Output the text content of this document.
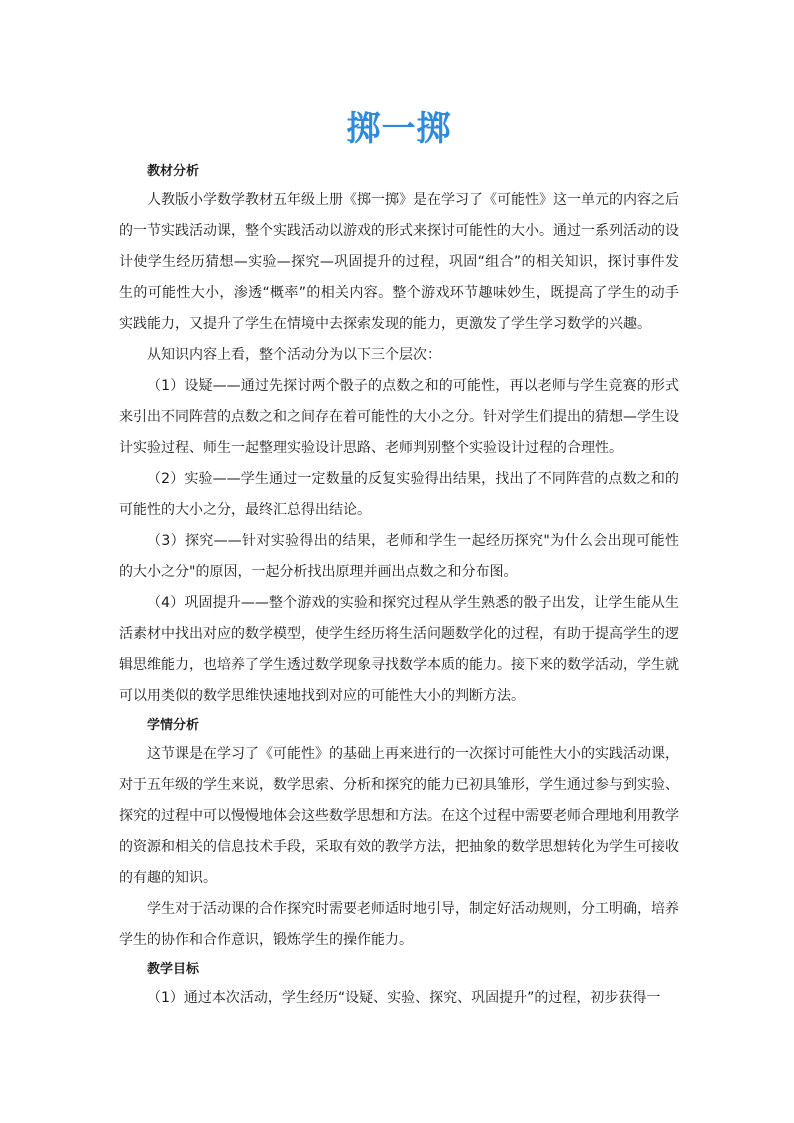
掷一掷

教材分析

人教版小学数学教材五年级上册《掷一掷》是在学习了《可能性》这一单元的内容之后的一节实践活动课，整个实践活动以游戏的形式来探讨可能性的大小。通过一系列活动的设计使学生经历猜想—实验—探究—巩固提升的过程，巩固“组合”的相关知识，探讨事件发生的可能性大小，渗透“概率”的相关内容。整个游戏环节趣味妙生，既提高了学生的动手实践能力，又提升了学生在情境中去探索发现的能力，更激发了学生学习数学的兴趣。

从知识内容上看，整个活动分为以下三个层次：

（1）设疑——通过先探讨两个骰子的点数之和的可能性，再以老师与学生竞赛的形式来引出不同阵营的点数之和之间存在着可能性的大小之分。针对学生们提出的猜想—学生设计实验过程、师生一起整理实验设计思路、老师判别整个实验设计过程的合理性。

（2）实验——学生通过一定数量的反复实验得出结果，找出了不同阵营的点数之和的可能性的大小之分，最终汇总得出结论。

（3）探究——针对实验得出的结果，老师和学生一起经历探究"为什么会出现可能性的大小之分"的原因，一起分析找出原理并画出点数之和分布图。

（4）巩固提升——整个游戏的实验和探究过程从学生熟悉的骰子出发，让学生能从生活素材中找出对应的数学模型，使学生经历将生活问题数学化的过程，有助于提高学生的逻辑思维能力，也培养了学生透过数学现象寻找数学本质的能力。接下来的数学活动，学生就可以用类似的数学思维快速地找到对应的可能性大小的判断方法。

学情分析

这节课是在学习了《可能性》的基础上再来进行的一次探讨可能性大小的实践活动课，对于五年级的学生来说，数学思索、分析和探究的能力已初具雏形，学生通过参与到实验、探究的过程中可以慢慢地体会这些数学思想和方法。在这个过程中需要老师合理地利用教学的资源和相关的信息技术手段，采取有效的教学方法，把抽象的数学思想转化为学生可接收的有趣的知识。

学生对于活动课的合作探究时需要老师适时地引导，制定好活动规则，分工明确，培养学生的协作和合作意识，锻炼学生的操作能力。

教学目标

（1）通过本次活动，学生经历“设疑、实验、探究、巩固提升”的过程，初步获得一
